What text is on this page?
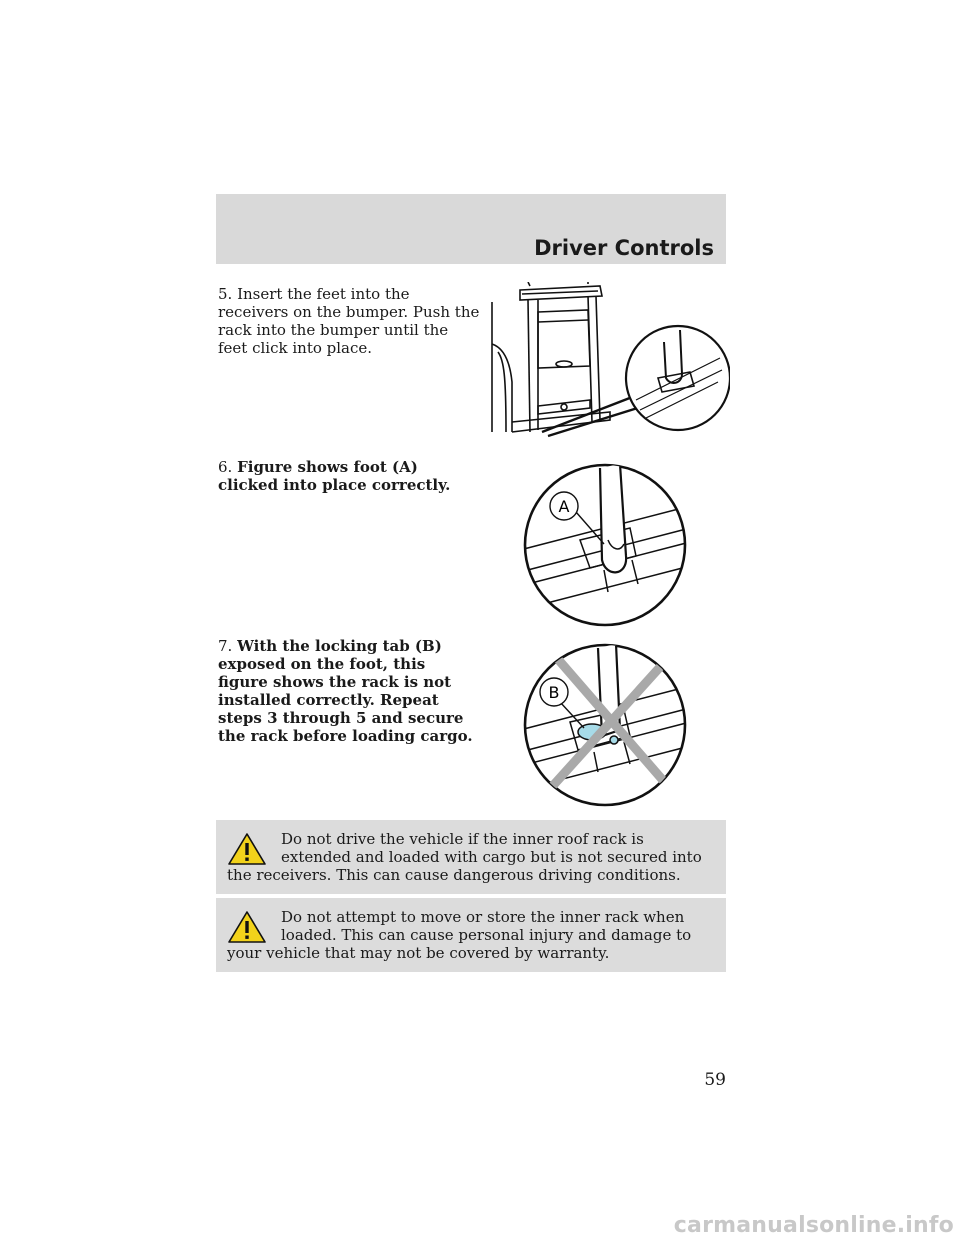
Driver Controls
5. Insert the feet into the receivers on the bumper. Push the rack into the bumper until the feet click into place.
6. Figure shows foot (A) clicked into place correctly.
A
7. With the locking tab (B) exposed on the foot, this figure shows the rack is not installed correctly. Repeat steps 3 through 5 and secure the rack before loading cargo.
B
Do not drive the vehicle if the inner roof rack is extended and loaded with cargo but is not secured into the receivers. This can cause dangerous driving conditions.
Do not attempt to move or store the inner rack when loaded. This can cause personal injury and damage to your vehicle that may not be covered by warranty.
59
carmanualsonline.info
